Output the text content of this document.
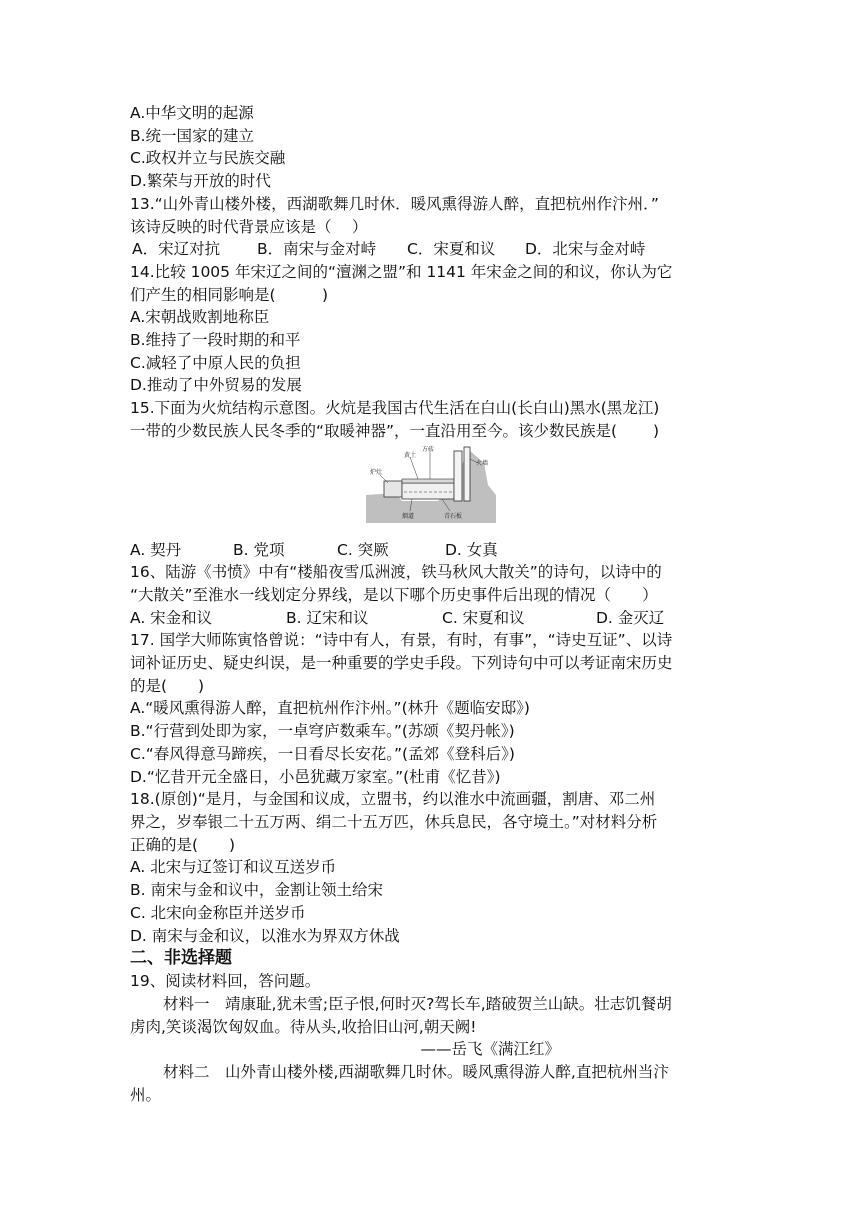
A.中华文明的起源
B.统一国家的建立
C.政权并立与民族交融
D.繁荣与开放的时代
13.“山外青山楼外楼，西湖歌舞几时休．暖风熏得游人醉，直把杭州作汴州．”
该诗反映的时代背景应该是（　 ）
A．宋辽对抗 B．南宋与金对峙 C．宋夏和议 D．北宋与金对峙
14.比较 1005 年宋辽之间的“澶渊之盟”和 1141 年宋金之间的和议，你认为它
们产生的相同影响是(　　　)
A.宋朝战败割地称臣
B.维持了一段时期的和平
C.减轻了中原人民的负担
D.推动了中外贸易的发展
15.下面为火炕结构示意图。火炕是我国古代生活在白山(长白山)黑水(黑龙江)
一带的少数民族人民冬季的“取暖神器”，一直沿用至今。该少数民族是(　　 )
方砖
黄土
炉灶
火墙
烟道	青石板
A. 契丹	B. 党项	C. 突厥	D. 女真
16、陆游《书愤》中有“楼船夜雪瓜洲渡，铁马秋风大散关”的诗句，以诗中的
“大散关”至淮水一线划定分界线，是以下哪个历史事件后出现的情况（　　）
A. 宋金和议	B. 辽宋和议	C. 宋夏和议	D. 金灭辽
17. 国学大师陈寅恪曾说：“诗中有人，有景，有时，有事”，“诗史互证”、以诗
词补证历史、疑史纠误，是一种重要的学史手段。下列诗句中可以考证南宋历史
的是(　　)
A.“暖风熏得游人醉，直把杭州作汴州。”(林升《题临安邸》)
B.“行营到处即为家，一卓穹庐数乘车。”(苏颂《契丹帐》)
C.“春风得意马蹄疾，一日看尽长安花。”(孟郊《登科后》)
D.“忆昔开元全盛日，小邑犹藏万家室。”(杜甫《忆昔》)
18.(原创)“是月，与金国和议成，立盟书，约以淮水中流画疆，割唐、邓二州
界之，岁奉银二十五万两、绢二十五万匹，休兵息民，各守境土。”对材料分析
正确的是(　　)
A. 北宋与辽签订和议互送岁币
B. 南宋与金和议中，金割让领土给宋
C. 北宋向金称臣并送岁币
D. 南宋与金和议，以淮水为界双方休战
二、非选择题
19、阅读材料回，答问题。
材料一　靖康耻,犹未雪;臣子恨,何时灭?驾长车,踏破贺兰山缺。壮志饥餐胡
虏肉,笑谈渴饮匈奴血。待从头,收拾旧山河,朝天阙!
——岳飞《满江红》
材料二　山外青山楼外楼,西湖歌舞几时休。暖风熏得游人醉,直把杭州当汴
州。
